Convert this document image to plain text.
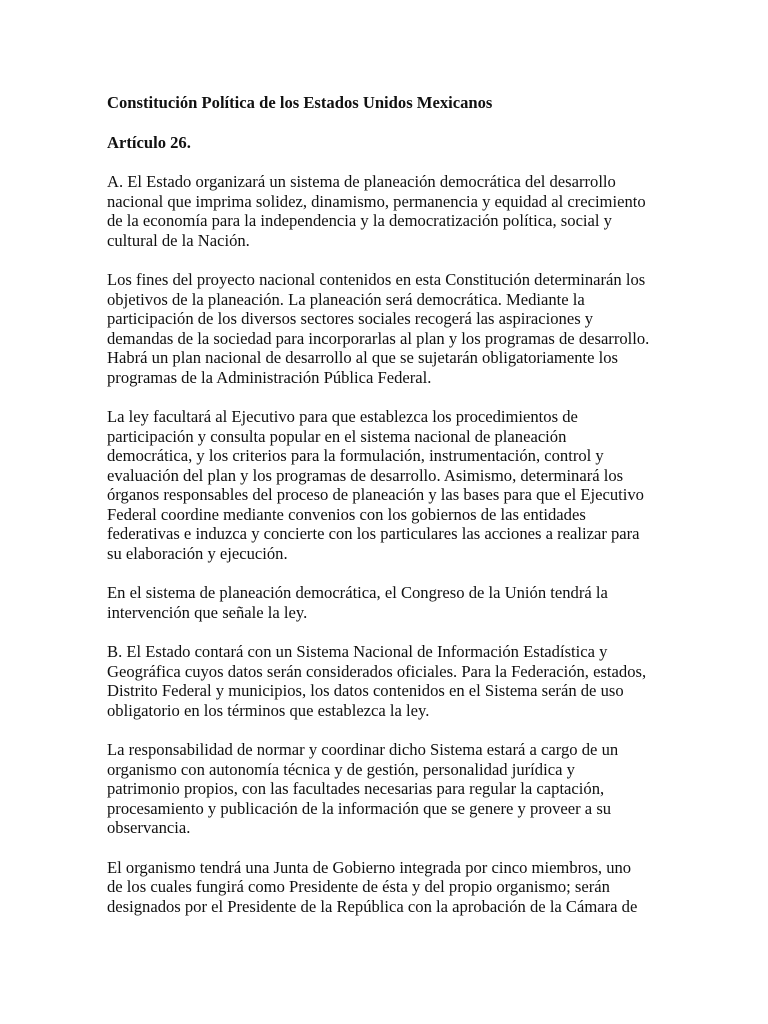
Constitución Política de los Estados Unidos Mexicanos

Artículo 26.

A. El Estado organizará un sistema de planeación democrática del desarrollo
nacional que imprima solidez, dinamismo, permanencia y equidad al crecimiento
de la economía para la independencia y la democratización política, social y
cultural de la Nación.

Los fines del proyecto nacional contenidos en esta Constitución determinarán los
objetivos de la planeación. La planeación será democrática. Mediante la
participación de los diversos sectores sociales recogerá las aspiraciones y
demandas de la sociedad para incorporarlas al plan y los programas de desarrollo.
Habrá un plan nacional de desarrollo al que se sujetarán obligatoriamente los
programas de la Administración Pública Federal.

La ley facultará al Ejecutivo para que establezca los procedimientos de
participación y consulta popular en el sistema nacional de planeación
democrática, y los criterios para la formulación, instrumentación, control y
evaluación del plan y los programas de desarrollo. Asimismo, determinará los
órganos responsables del proceso de planeación y las bases para que el Ejecutivo
Federal coordine mediante convenios con los gobiernos de las entidades
federativas e induzca y concierte con los particulares las acciones a realizar para
su elaboración y ejecución.

En el sistema de planeación democrática, el Congreso de la Unión tendrá la
intervención que señale la ley.

B. El Estado contará con un Sistema Nacional de Información Estadística y
Geográfica cuyos datos serán considerados oficiales. Para la Federación, estados,
Distrito Federal y municipios, los datos contenidos en el Sistema serán de uso
obligatorio en los términos que establezca la ley.

La responsabilidad de normar y coordinar dicho Sistema estará a cargo de un
organismo con autonomía técnica y de gestión, personalidad jurídica y
patrimonio propios, con las facultades necesarias para regular la captación,
procesamiento y publicación de la información que se genere y proveer a su
observancia.

El organismo tendrá una Junta de Gobierno integrada por cinco miembros, uno
de los cuales fungirá como Presidente de ésta y del propio organismo; serán
designados por el Presidente de la República con la aprobación de la Cámara de
